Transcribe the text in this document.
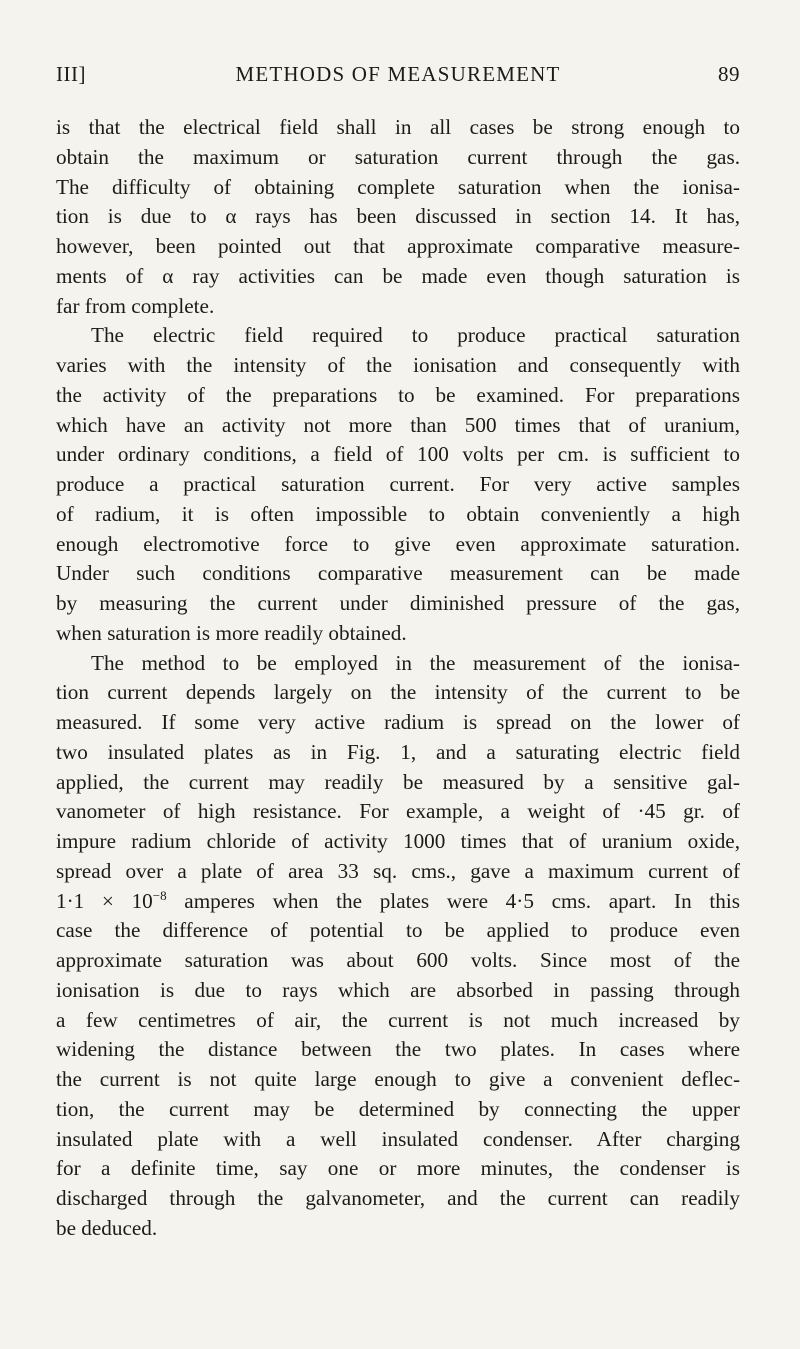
III]	METHODS OF MEASUREMENT	89

is that the electrical field shall in all cases be strong enough to
obtain the maximum or saturation current through the gas.
The difficulty of obtaining complete saturation when the ionisa-
tion is due to α rays has been discussed in section 14. It has,
however, been pointed out that approximate comparative measure-
ments of α ray activities can be made even though saturation is
far from complete.

The electric field required to produce practical saturation
varies with the intensity of the ionisation and consequently with
the activity of the preparations to be examined. For preparations
which have an activity not more than 500 times that of uranium,
under ordinary conditions, a field of 100 volts per cm. is sufficient to
produce a practical saturation current. For very active samples
of radium, it is often impossible to obtain conveniently a high
enough electromotive force to give even approximate saturation.
Under such conditions comparative measurement can be made
by measuring the current under diminished pressure of the gas,
when saturation is more readily obtained.

The method to be employed in the measurement of the ionisa-
tion current depends largely on the intensity of the current to be
measured. If some very active radium is spread on the lower of
two insulated plates as in Fig. 1, and a saturating electric field
applied, the current may readily be measured by a sensitive gal-
vanometer of high resistance. For example, a weight of ·45 gr. of
impure radium chloride of activity 1000 times that of uranium oxide,
spread over a plate of area 33 sq. cms., gave a maximum current of
$1\cdot 1 \times 10^{-8}$ amperes when the plates were 4·5 cms. apart. In this
case the difference of potential to be applied to produce even
approximate saturation was about 600 volts. Since most of the
ionisation is due to rays which are absorbed in passing through
a few centimetres of air, the current is not much increased by
widening the distance between the two plates. In cases where
the current is not quite large enough to give a convenient deflec-
tion, the current may be determined by connecting the upper
insulated plate with a well insulated condenser. After charging
for a definite time, say one or more minutes, the condenser is
discharged through the galvanometer, and the current can readily
be deduced.
